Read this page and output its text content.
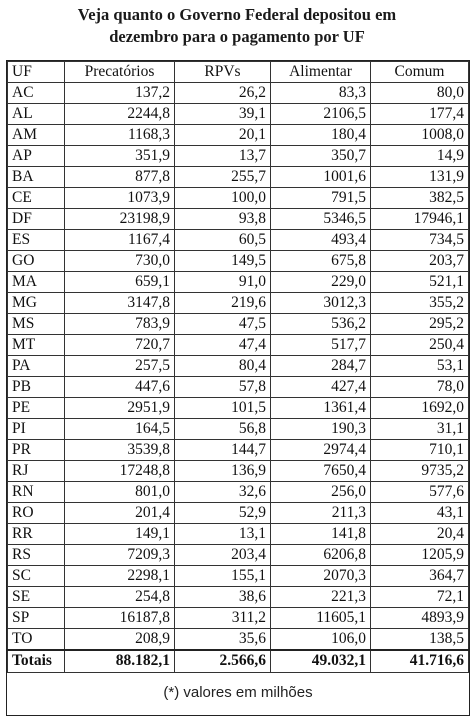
Veja quanto o Governo Federal depositou em
dezembro para o pagamento por UF
UF	Precatórios	RPVs	Alimentar	Comum
AC	137,2	26,2	83,3	80,0
AL	2244,8	39,1	2106,5	177,4
AM	1168,3	20,1	180,4	1008,0
AP	351,9	13,7	350,7	14,9
BA	877,8	255,7	1001,6	131,9
CE	1073,9	100,0	791,5	382,5
DF	23198,9	93,8	5346,5	17946,1
ES	1167,4	60,5	493,4	734,5
GO	730,0	149,5	675,8	203,7
MA	659,1	91,0	229,0	521,1
MG	3147,8	219,6	3012,3	355,2
MS	783,9	47,5	536,2	295,2
MT	720,7	47,4	517,7	250,4
PA	257,5	80,4	284,7	53,1
PB	447,6	57,8	427,4	78,0
PE	2951,9	101,5	1361,4	1692,0
PI	164,5	56,8	190,3	31,1
PR	3539,8	144,7	2974,4	710,1
RJ	17248,8	136,9	7650,4	9735,2
RN	801,0	32,6	256,0	577,6
RO	201,4	52,9	211,3	43,1
RR	149,1	13,1	141,8	20,4
RS	7209,3	203,4	6206,8	1205,9
SC	2298,1	155,1	2070,3	364,7
SE	254,8	38,6	221,3	72,1
SP	16187,8	311,2	11605,1	4893,9
TO	208,9	35,6	106,0	138,5
Totais	88.182,1	2.566,6	49.032,1	41.716,6
(*) valores em milhões
